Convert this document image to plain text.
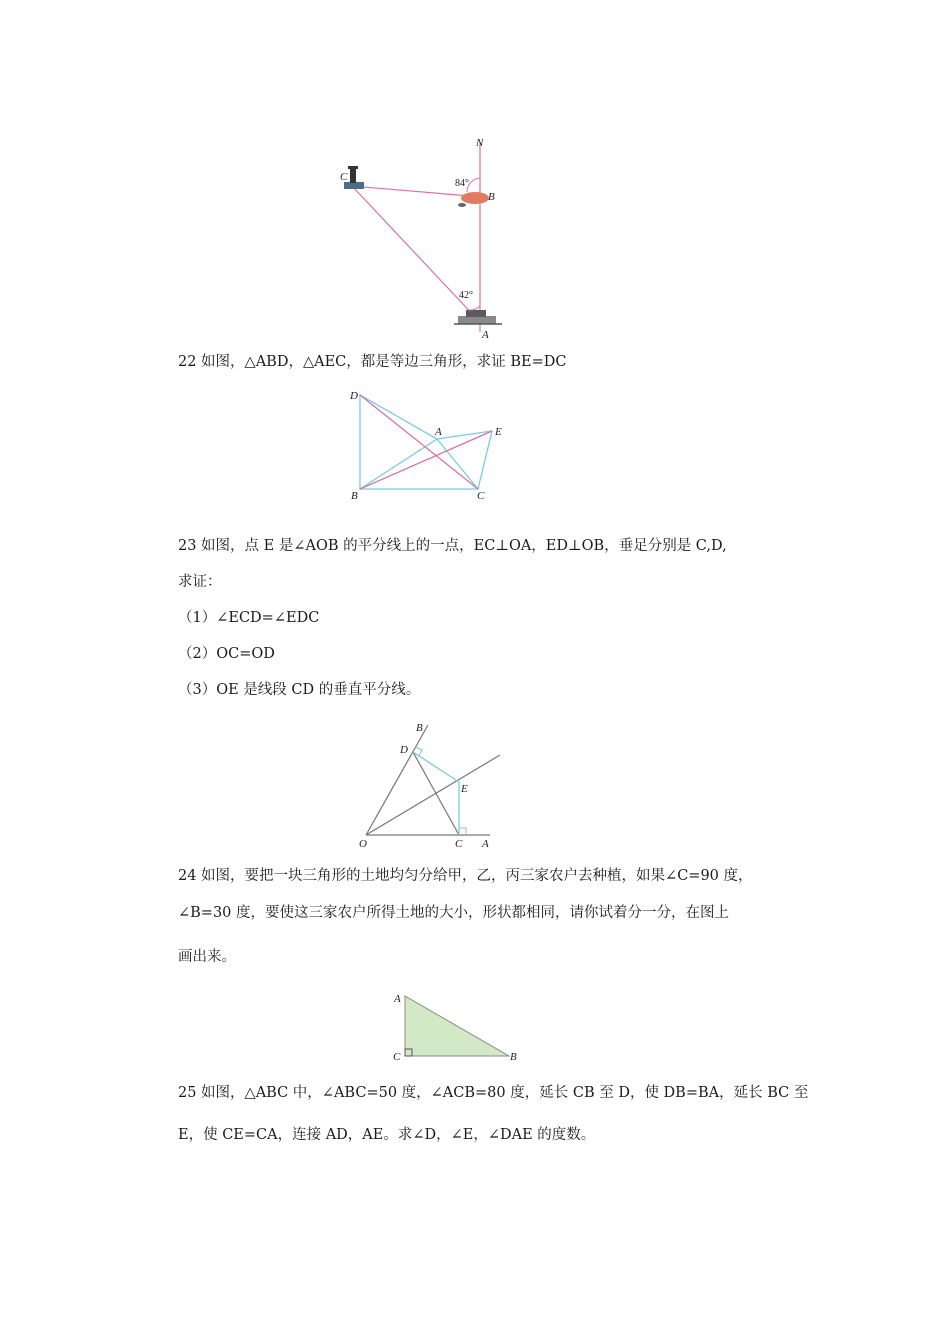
N
C
B
A
84°
42°
22 如图，△ABD，△AEC，都是等边三角形，求证 BE=DC
D
A	E
B	C
23 如图，点 E 是∠AOB 的平分线上的一点，EC⊥OA，ED⊥OB，垂足分别是 C,D,
求证：
（1）∠ECD=∠EDC
（2）OC=OD
（3）OE 是线段 CD 的垂直平分线。
B
D
E
O	C A
24 如图，要把一块三角形的土地均匀分给甲，乙，丙三家农户去种植，如果∠C=90 度，
∠B=30 度，要使这三家农户所得土地的大小，形状都相同，请你试着分一分，在图上
画出来。
A
C	B
25 如图，△ABC 中，∠ABC=50 度，∠ACB=80 度，延长 CB 至 D，使 DB=BA，延长 BC 至
E，使 CE=CA，连接 AD，AE。求∠D，∠E，∠DAE 的度数。
